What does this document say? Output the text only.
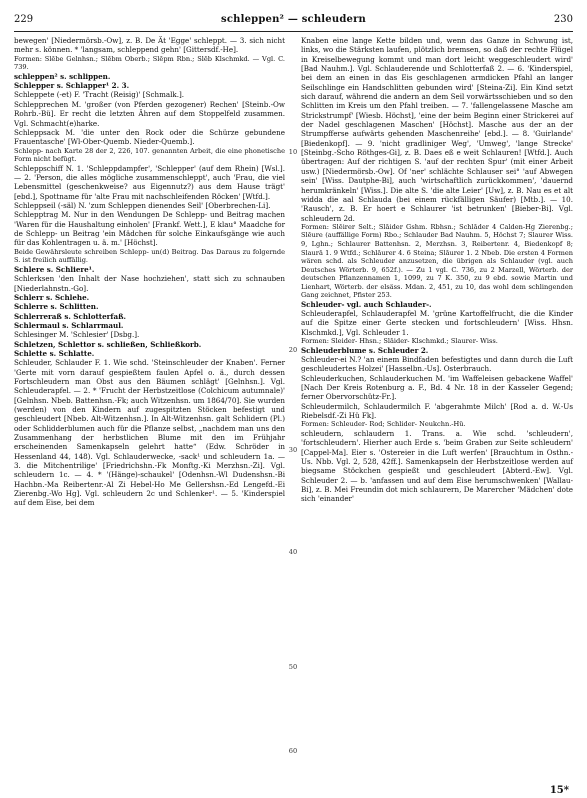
229	schleppen² — schleudern	230
10
20
30
40
50
60

bewegen' [Niedermörsb.-Ow], z. B. De Ät 'Egge' schleppt. — 3. sich nicht mehr s. können. * 'langsam, schleppend gehn' [Gittersdf.-He].

Formen: Slēbe Gelnhsn.; Slēbm Oberb.; Slēpm Rbn.; Slēb Klschmkd. — Vgl. C. 739.

schleppen² s. schlippen.

Schlepper s. Schlapper¹ 2. 3.

Schleppete (-et) F. 'Tracht (Reisig)' [Schmalk.].

Schlepprechen M. 'großer (von Pferden gezogener) Rechen' [Steinb.-Ow Rohrb.-Bü]. Er recht die letzten Ähren auf dem Stoppelfeld zusammen. Vgl. Schmacht(e)harke.

Schleppsack M. 'die unter den Rock oder die Schürze gebundene Frauentasche' [Wl-Ober-Quemb. Nieder-Quemb.].

Schlepp- nach Karte 28 der 2, 226, 107. genannten Arbeit, die eine phonetische Form nicht befügt.

Schleppschiff N. 1. 'Schleppdampfer', 'Schlepper' (auf dem Rhein) [Wsl.]. — 2. 'Person, die alles mögliche zusammenschleppt', auch 'Frau, die viel Lebensmittel (geschenkweise? aus Eigennutz?) aus dem Hause trägt' [ebd.], Spottname für 'alte Frau mit nachschleifenden Röcken' [Wtfd.].

Schleppseil (-säl) N. 'zum Schleppen dienendes Seil' [Oberbrechen-Li].

Schlepptrag M. Nur in den Wendungen De Schlepp- und Beitrag machen 'Waren für die Haushaltung einholen' [Frankf. Wett.], E klau° Maadche for de Schlepp- un Beitrag 'ein Mädchen für solche Einkaufsgänge wie auch für das Kohlentragen u. ä. m.' [Höchst].

Beide Gewährsleute schreiben Schlepp- un(d) Beitrag. Das Daraus zu folgernde S. ist freilich auffällig.

Schlere s. Schliere¹.

Schlerksen 'den Inhalt der Nase hochziehen', statt sich zu schnauben [Niederlahnstn.-Go].

Schlerr s. Schlehe.

Schlerre s. Schlitten.

Schlerreraß s. Schlotterfaß.

Schlermaul s. Schlarrmaul.

Schlesinger M. 'Schlesier' [Dsbg.].

Schletzen, Schlettor s. schließen, Schließkorb.

Schlette s. Schlatte.

Schleuder, Schlauder F. 1. Wie schd. 'Steinschleuder der Knaben'. Ferner 'Gerte mit vorn darauf gespießtem faulen Apfel o. ä., durch dessen Fortschleudern man Obst aus den Bäumen schlägt' [Gelnhsn.]. Vgl. Schleuderapfel. — 2. * 'Frucht der Herbstzeitlose (Colchicum autumnale)' [Gelnhsn. Nbeb. Battenhsn.-Fk; auch Witzenhsn. um 1864/70]. Sie wurden (werden) von den Kindern auf zugespitzten Stöcken befestigt und geschleudert [Nbeb. Alt-Witzenhsn.]. In Alt-Witzenhsn. galt Schlidern (Pl.) oder Schlidderblumen auch für die Pflanze selbst, „nachdem man uns den Zusammenhang der herbstlichen Blume mit den im Frühjahr erscheinenden Samenkapseln gelehrt hatte“ (Edw. Schröder in Hessenland 44, 148). Vgl. Schlauderwecke, -sack¹ und schleudern 1a. — 3. die Mitchentrilige' [Friedrichshn.-Fk Monftg.-Ki Merzhsn.-Zi]. Vgl. schleudern 1c. — 4. * '(Hänge)-schaukel' [Odenhsn.-Wl Dudenshsn.-Bi Hachbn.-Ma Reibertenr.-Al Zi Hebel-Ho Me Gellershsn.-Ed Lengefd.-Ei Zierenbg.-Wo Hg]. Vgl. schleudern 2c und Schlenker¹. — 5. 'Kinderspiel auf dem Eise, bei dem

Knaben eine lange Kette bilden und, wenn das Ganze in Schwung ist, links, wo die Stärksten laufen, plötzlich bremsen, so daß der rechte Flügel in Kreiselbewegung kommt und man dort leicht weggeschleudert wird' [Bad Nauhm.]. Vgl. Schlauderende und Schlotterfaß 2. — 6. 'Kinderspiel, bei dem an einen in das Eis geschlagenen armdicken Pfahl an langer Seilschlinge ein Handschlitten gebunden wird' [Steina-Zi]. Ein Kind setzt sich darauf, während die andern an dem Seil vorwärtsschieben und so den Schlitten im Kreis um den Pfahl treiben. — 7. 'fallengelassene Masche am Strickstrumpf' [Wiesb. Höchst], 'eine der beim Beginn einer Strickerei auf der Nadel geschlagenen Maschen' [Höchst]. Masche aus der an der Strumpfferse aufwärts gehenden Maschenreihe' [ebd.]. — 8. 'Guirlande' [Biedenkopf]. — 9. 'nicht gradliniger Weg', 'Umweg', 'lange Strecke' [Steinbg.-Scho Röthges-Gi], z. B. Daes eß e weit Schlauren! [Wtfd.]. Auch übertragen: Auf der richtigen S. 'auf der rechten Spur' (mit einer Arbeit usw.) [Niedermörsb.-Ow]. Of 'ner' schlächte Schlauser sei° 'auf Abwegen sein' [Wiss. Dautphe-Bi], auch 'wirtschaftlich zurückkommen', 'dauernd herumkränkeln' [Wiss.]. Die alte S. 'die alte Leier' [Uw], z. B. Nau es et alt widda die aal Schlauda (bei einem rückfälligen Säufer) [Mtb.]. — 10. 'Rausch', z. B. Er hoert e Schlaurer 'ist betrunken' [Bieber-Bi]. Vgl. schleudern 2d.

Formen: Slēirer Selt.; Slāider Gshm. Rbhsn.; Schlāder 4 Calden-Hg Zierenbg.; Slēure (auffällige Form) Rbo.; Schlauder Bad Nauhm. 5, Höchst 7; Slaurer Wiss. 9, Lghn.; Schlaurer Battenhsn. 2, Merzhsn. 3, Reibertenr. 4, Biedenkopf 8; Slaurā 1. 9 Wtfd.; Schlāurer 4. 6 Steina; Slāurer 1. 2 Nbeb. Die ersten 4 Formen wären schd. als Schleuder anzusetzen, die übrigen als Schlauder (vgl. auch Deutsches Wörterb. 9, 652f.). — Zu 1 vgl. C. 736, zu 2 Marzell, Wörterb. der deutschen Pflanzennamen 1, 1099, zu 7 K. 350, zu 9 ebd. sowie Martin und Lienhart, Wörterb. der elsäss. Mdan. 2, 451, zu 10, das wohl dem schlingenden Gang zeichnet, Pfister 253.

Schleuder- vgl. auch Schlauder-.

Schleuderapfel, Schlauderapfel M. 'grüne Kartoffelfrucht, die die Kinder auf die Spitze einer Gerte stecken und fortschleudern' [Wiss. Hhsn. Klschmkd.], Vgl. Schleuder 1.

Formen: Sleider- Hhsn.; Slāider- Klschmkd.; Slaurer- Wiss.

Schleuderblume s. Schleuder 2.

Schleuder-ei N.? 'an einem Bindfaden befestigtes und dann durch die Luft geschleudertes Holzei' [Hasselbn.-Us]. Osterbrauch.

Schleuderkuchen, Schlauderkuchen M. 'im Waffeleisen gebackene Waffel' [Nach Der Kreis Rotenburg a. F., Bd. 4 Nr. 18 in der Kasseler Gegend; ferner Obervorschütz-Fr.].

Schleudermilch, Schlaudermilch F. 'abgerahmte Milch' [Rod a. d. W.-Us Riebelsdf.-Zi Hü Fk].

Formen: Schleuder- Rod; Schlider- Neukchn.-Hü.

schleudern, schlaudern 1. Trans. a. Wie schd. 'schleudern', 'fortschleudern'. Hierher auch Erde s. 'beim Graben zur Seite schleudern' [Cappel-Ma]. Eier s. 'Ostereier in die Luft werfen' [Brauchtum in Osthn.-Us. Nbb. Vgl. 2, 528, 42ff.]. Samenkapseln der Herbstzeitlose werden auf biegsame Stöckchen gespießt und geschleudert [Abterd.-Ew]. Vgl. Schleuder 2. — b. 'anfassen und auf dem Eise herumschwenken' [Wallau-Bi], z. B. Mei Freundin dot mich schlaurern, De Marercher 'Mädchen' dote sich 'einander'

15*
